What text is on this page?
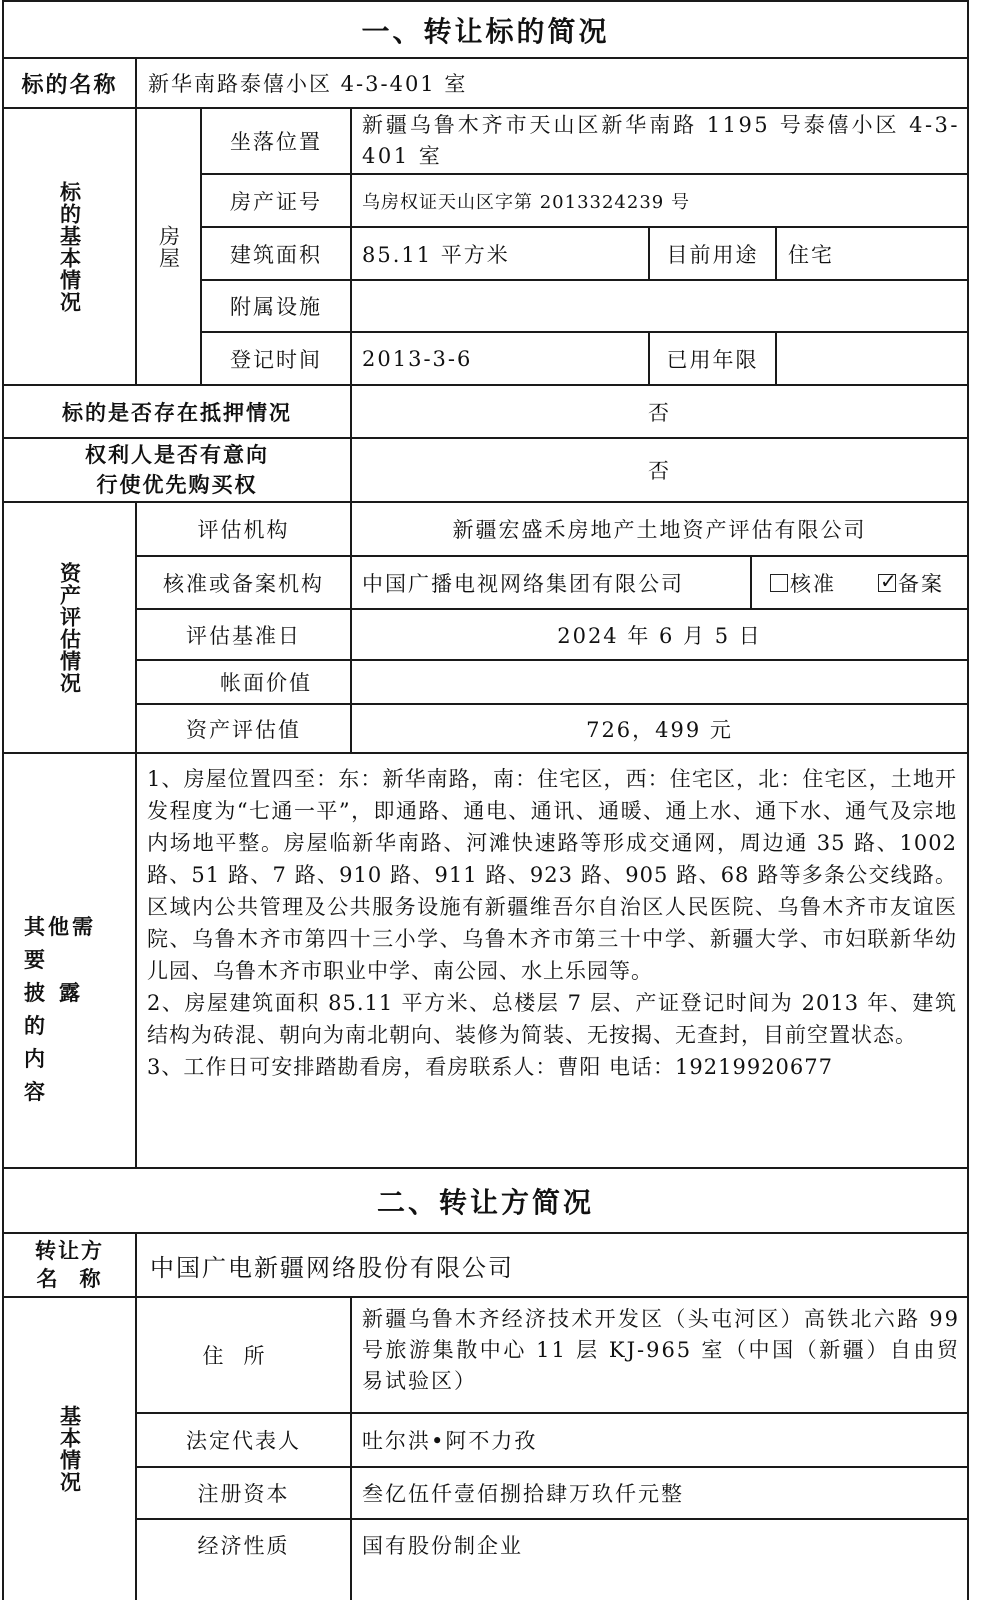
一、转让标的简况
标的名称	新华南路泰僖小区 4-3-401 室
标的基本情况	房屋
坐落位置
新疆乌鲁木齐市天山区新华南路 1195 号泰僖小区 4-3-401 室
房产证号	乌房权证天山区字第 2013324239 号
建筑面积	85.11 平方米	目前用途	住宅
附属设施
登记时间	2013-3-6	已用年限
标的是否存在抵押情况	否
权利人是否有意向
行使优先购买权
否
资产评估情况
评估机构	新疆宏盛禾房地产土地资产评估有限公司
核准或备案机构	中国广播电视网络集团有限公司	核准
✓	备案
评估基准日	2024 年 6 月 5 日
帐面价值
资产评估值	726，499 元
其他需要
披露的
内容

1、房屋位置四至：东：新华南路，南：住宅区，西：住宅区，北：住宅区，土地开发程度为“七通一平”，即通路、通电、通讯、通暖、通上水、通下水、通气及宗地内场地平整。房屋临新华南路、河滩快速路等形成交通网，周边通 35 路、1002 路、51 路、7 路、910 路、911 路、923 路、905 路、68 路等多条公交线路。区域内公共管理及公共服务设施有新疆维吾尔自治区人民医院、乌鲁木齐市友谊医院、乌鲁木齐市第四十三小学、乌鲁木齐市第三十中学、新疆大学、市妇联新华幼儿园、乌鲁木齐市职业中学、南公园、水上乐园等。

2、房屋建筑面积 85.11 平方米、总楼层 7 层、产证登记时间为 2013 年、建筑结构为砖混、朝向为南北朝向、装修为简装、无按揭、无查封，目前空置状态。

3、工作日可安排踏勘看房，看房联系人：曹阳 电话：19219920677

二、转让方简况
转让方
名称 中国广电新疆网络股份有限公司
基本情况
住所
新疆乌鲁木齐经济技术开发区（头屯河区）高铁北六路 99 号旅游集散中心 11 层 KJ-965 室（中国（新疆）自由贸易试验区）
法定代表人	吐尔洪•阿不力孜
注册资本	叁亿伍仟壹佰捌拾肆万玖仟元整
经济性质	国有股份制企业
